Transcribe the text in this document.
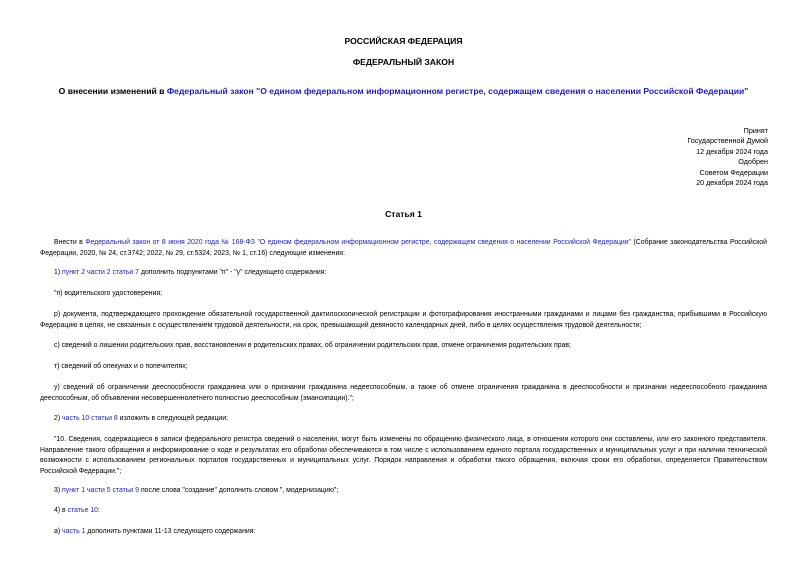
РОССИЙСКАЯ ФЕДЕРАЦИЯ
ФЕДЕРАЛЬНЫЙ ЗАКОН
О внесении изменений в Федеральный закон "О едином федеральном информационном регистре, содержащем сведения о населении Российской Федерации"
Принят
Государственной Думой
12 декабря 2024 года
Одобрен
Советом Федерации
20 декабря 2024 года
Статья 1
Внести в Федеральный закон от 8 июня 2020 года № 168-ФЗ "О едином федеральном информационном регистре, содержащем сведения о населении Российской Федерации" (Собрание законодательства Российской Федерации, 2020, № 24, ст.3742; 2022, № 29, ст.5324; 2023, № 1, ст.16) следующие изменения:
1) пункт 2 части 2 статьи 7 дополнить подпунктами "п" - "у" следующего содержания:
"п) водительского удостоверения;
р) документа, подтверждающего прохождение обязательной государственной дактилоскопической регистрации и фотографирования иностранными гражданами и лицами без гражданства, прибывшими в Российскую Федерацию в целях, не связанных с осуществлением трудовой деятельности, на срок, превышающий девяносто календарных дней, либо в целях осуществления трудовой деятельности;
с) сведений о лишении родительских прав, восстановлении в родительских правах, об ограничении родительских прав, отмене ограничения родительских прав;
т) сведений об опекунах и о попечителях;
у) сведений об ограничении дееспособности гражданина или о признании гражданина недееспособным, а также об отмене ограничения гражданина в дееспособности и признании недееспособного гражданина дееспособным, об объявлении несовершеннолетнего полностью дееспособным (эмансипации).";
2) часть 10 статьи 8 изложить в следующей редакции:
"10. Сведения, содержащиеся в записи федерального регистра сведений о населении, могут быть изменены по обращению физического лица, в отношении которого они составлены, или его законного представителя. Направление такого обращения и информирование о ходе и результатах его обработки обеспечиваются в том числе с использованием единого портала государственных и муниципальных услуг и при наличии технической возможности с использованием региональных порталов государственных и муниципальных услуг. Порядок направления и обработки такого обращения, включая сроки его обработки, определяется Правительством Российской Федерации.";
3) пункт 1 части 5 статьи 9 после слова "создание" дополнить словом ", модернизацию";
4) в статье 10:
а) часть 1 дополнить пунктами 11-13 следующего содержания:
